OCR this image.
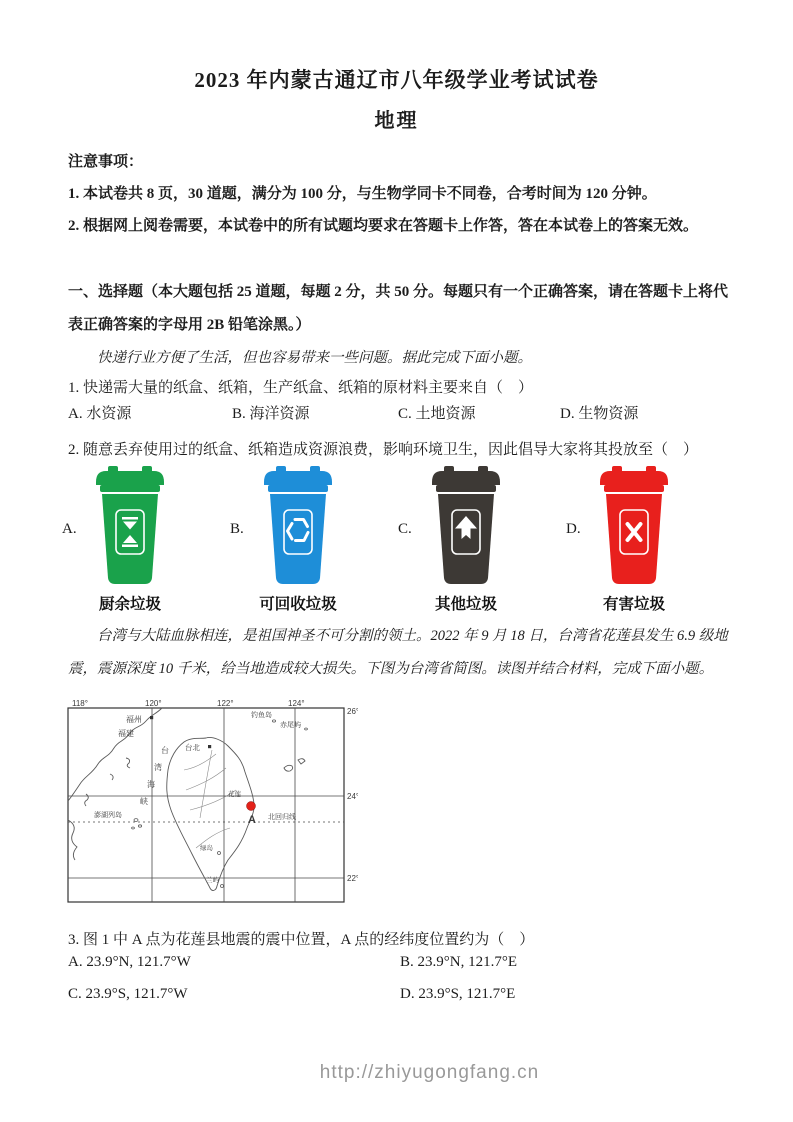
2023 年内蒙古通辽市八年级学业考试试卷
地理
注意事项：
1. 本试卷共 8 页，30 道题，满分为 100 分，与生物学同卡不同卷，合考时间为 120 分钟。
2. 根据网上阅卷需要，本试卷中的所有试题均要求在答题卡上作答，答在本试卷上的答案无效。
一、选择题（本大题包括 25 道题，每题 2 分，共 50 分。每题只有一个正确答案，请在答题卡上将代表正确答案的字母用 2B 铅笔涂黑。）
快递行业方便了生活，但也容易带来一些问题。据此完成下面小题。
1. 快递需大量的纸盒、纸箱，生产纸盒、纸箱的原材料主要来自（　）
A. 水资源	B. 海洋资源	C. 土地资源	D. 生物资源
2. 随意丢弃使用过的纸盒、纸箱造成资源浪费，影响环境卫生，因此倡导大家将其投放至（　）
A.
厨余垃圾
B.
可回收垃圾
C.
其他垃圾
D.
有害垃圾
台湾与大陆血脉相连，是祖国神圣不可分割的领土。2022 年 9 月 18 日，台湾省花莲县发生 6.9 级地震，震源深度 10 千米，给当地造成较大损失。下图为台湾省简图。读图并结合材料，完成下面小题。
118°	120°	122°	124°
26°
24°
22°
福州
福建
台
湾
海
峡
澎湖列岛
台北
钓鱼岛
赤尾屿
花莲
A 北回归线
绿岛
兰屿
3. 图 1 中 A 点为花莲县地震的震中位置，A 点的经纬度位置约为（　）
A. 23.9°N, 121.7°W	B. 23.9°N, 121.7°E
C. 23.9°S, 121.7°W	D. 23.9°S, 121.7°E
http://zhiyugongfang.cn
